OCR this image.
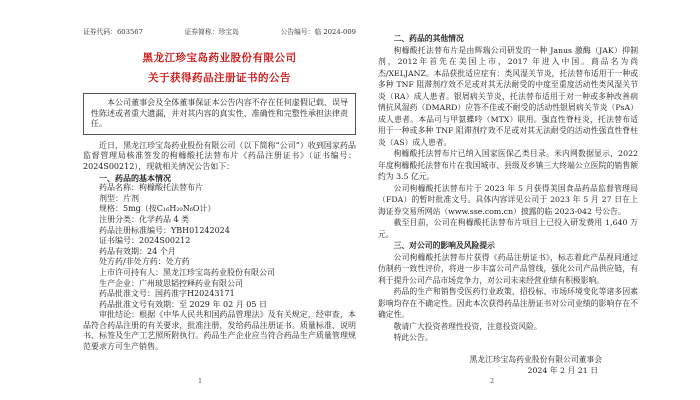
证券代码：603567	证券简称：珍宝岛	公告编号：临 2024-009
黑龙江珍宝岛药业股份有限公司
关于获得药品注册证书的公告
本公司董事会及全体董事保证本公告内容不存在任何虚假记载、误导性陈述或者重大遗漏，并对其内容的真实性、准确性和完整性承担法律责任。
近日，黑龙江珍宝岛药业股份有限公司（以下简称“公司”）收到国家药品监督管理局核准签发的枸橼酸托法替布片《药品注册证书》（证书编号：2024S00212），现就相关情况公告如下：
一、药品的基本情况
药品名称：枸橼酸托法替布片
剂型：片剂
规格：5mg（按C₁₆H₂₀N₆O计）
注册分类：化学药品 4 类
药品注册标准编号：YBH01242024
证书编号：2024S00212
药品有效期：24 个月
处方药/非处方药：处方药
上市许可持有人：黑龙江珍宝岛药业股份有限公司
生产企业：广州玻思韬控释药业有限公司
药品批准文号：国药准字H20243171
药品批准文号有效期：至 2029 年 02 月 05 日
审批结论：根据《中华人民共和国药品管理法》及有关规定，经审查，本品符合药品注册的有关要求，批准注册，发给药品注册证书。质量标准、说明书、标签及生产工艺照所附执行。药品生产企业应当符合药品生产质量管理规范要求方可生产销售。
二、药品的其他情况
枸橼酸托法替布片是由辉瑞公司研发的一种 Janus 激酶（JAK）抑制剂，2012年首先在美国上市，2017 年进入中国。商品名为尚杰/XELJANZ。本品获批适应症有：类风湿关节炎，托法替布适用于一种或多种 TNF 阻滞剂疗效不足或对其无法耐受的中度至重度活动性类风湿关节炎（RA）成人患者。银屑病关节炎，托法替布适用于对一种或多种改善病情抗风湿药（DMARD）应答不佳或不耐受的活动性银屑病关节炎（PsA）成人患者。本品可与甲氨蝶呤（MTX）联用。强直性脊柱炎，托法替布适用于一种或多种 TNF 阻滞剂疗效不足或对其无法耐受的活动性强直性脊柱炎（AS）成人患者。
枸橼酸托法替布片已纳入国家医保乙类目录。米内网数据显示，2022 年度枸橼酸托法替布片在我国城市、县级及乡镇三大终端公立医院的销售额约为 3.5 亿元。
公司枸橼酸托法替布片于 2023 年 5 月获得美国食品药品监督管理局（FDA）的暂时批准文号。具体内容详见公司于 2023 年 5 月 27 日在上海证券交易所网站（www.sse.com.cn）披露的临 2023-042 号公告。
截至目前，公司在枸橼酸托法替布片项目上已投入研发费用 1,640 万元。
三、对公司的影响及风险提示
公司枸橼酸托法替布片获得《药品注册证书》，标志着此产品视同通过仿制药一致性评价，将进一步丰富公司产品管线，强化公司产品供应链，有利于提升公司产品市场竞争力，对公司未来经营业绩有积极影响。
药品的生产和销售受医药行业政策、招投标、市场环境变化等诸多因素影响均存在不确定性。因此本次获得药品注册证书对公司业绩的影响存在不确定性。
敬请广大投资者理性投资，注意投资风险。
特此公告。
黑龙江珍宝岛药业股份有限公司董事会
2024 年 2 月 21 日
1	2
